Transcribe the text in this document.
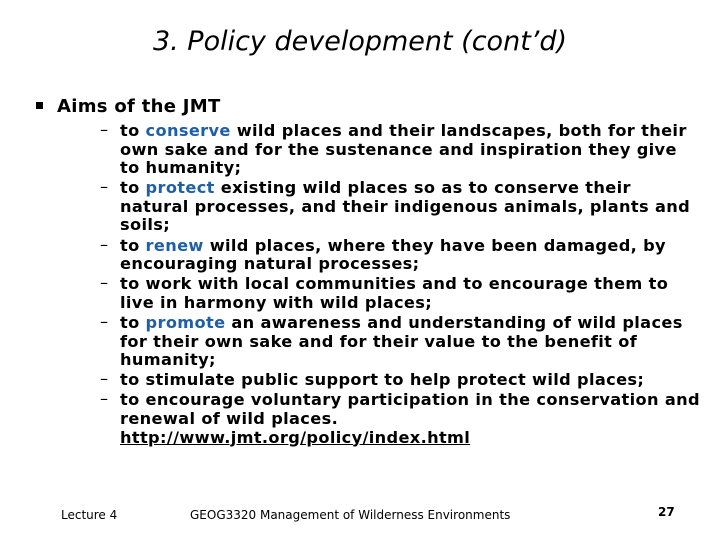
3. Policy development (cont’d)
Aims of the JMT
– to conserve wild places and their landscapes, both for their own sake and for the sustenance and inspiration they give to humanity;
– to protect existing wild places so as to conserve their natural processes, and their indigenous animals, plants and soils;
– to renew wild places, where they have been damaged, by encouraging natural processes;
– to work with local communities and to encourage them to live in harmony with wild places;
– to promote an awareness and understanding of wild places for their own sake and for their value to the benefit of humanity;
– to stimulate public support to help protect wild places;
– to encourage voluntary participation in the conservation and renewal of wild places.
http://www.jmt.org/policy/index.html
Lecture 4	GEOG3320 Management of Wilderness Environments	27
